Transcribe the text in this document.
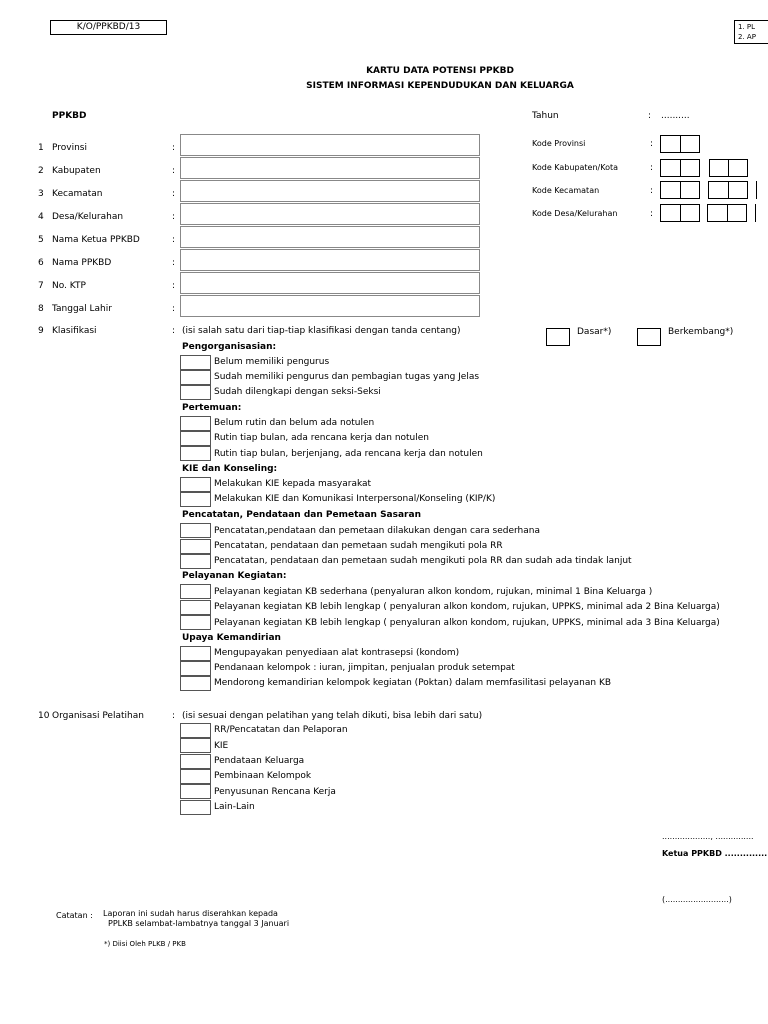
K/O/PPKBD/13	1. PL
2. AP
KARTU DATA POTENSI PPKBD
SISTEM INFORMASI KEPENDUDUKAN DAN KELUARGA
PPKBD	Tahun	: ..........
1 Provinsi	:
2 Kabupaten	:
3 Kecamatan	:
4 Desa/Kelurahan	:
5 Nama Ketua PPKBD	:
6 Nama PPKBD	:
7 No. KTP	:
8 Tanggal Lahir	:
Kode Provinsi	:
Kode Kabupaten/Kota	:
Kode Kecamatan	:
Kode Desa/Kelurahan	:
9 Klasifikasi	: (isi salah satu dari tiap-tiap klasifikasi dengan tanda centang)	Dasar*)	Berkembang*)
Pengorganisasian:
Belum memiliki pengurus
Sudah memiliki pengurus dan pembagian tugas yang Jelas
Sudah dilengkapi dengan seksi-Seksi
Pertemuan:
Belum rutin dan belum ada notulen
Rutin tiap bulan, ada rencana kerja dan notulen
Rutin tiap bulan, berjenjang, ada rencana kerja dan notulen
KIE dan Konseling:
Melakukan KIE kepada masyarakat
Melakukan KIE dan Komunikasi Interpersonal/Konseling (KIP/K)
Pencatatan, Pendataan dan Pemetaan Sasaran
Pencatatan,pendataan dan pemetaan dilakukan dengan cara sederhana
Pencatatan, pendataan dan pemetaan sudah mengikuti pola RR
Pencatatan, pendataan dan pemetaan sudah mengikuti pola RR dan sudah ada tindak lanjut
Pelayanan Kegiatan:
Pelayanan kegiatan KB sederhana (penyaluran alkon kondom, rujukan, minimal 1 Bina Keluarga )
Pelayanan kegiatan KB lebih lengkap ( penyaluran alkon kondom, rujukan, UPPKS, minimal ada 2 Bina Keluarga)
Pelayanan kegiatan KB lebih lengkap ( penyaluran alkon kondom, rujukan, UPPKS, minimal ada 3 Bina Keluarga)
Upaya Kemandirian
Mengupayakan penyediaan alat kontrasepsi (kondom)
Pendanaan kelompok : iuran, jimpitan, penjualan produk setempat
Mendorong kemandirian kelompok kegiatan (Poktan) dalam memfasilitasi pelayanan KB
10 Organisasi Pelatihan	: (isi sesuai dengan pelatihan yang telah dikuti, bisa lebih dari satu)
RR/Pencatatan dan Pelaporan
KIE
Pendataan Keluarga
Pembinaan Kelompok
Penyusunan Rencana Kerja
Lain-Lain
..................., ...............
Ketua PPKBD ..............
(.........................)
Catatan : Laporan ini sudah harus diserahkan kepada
PPLKB selambat-lambatnya tanggal 3 Januari
*) Diisi Oleh PLKB / PKB
